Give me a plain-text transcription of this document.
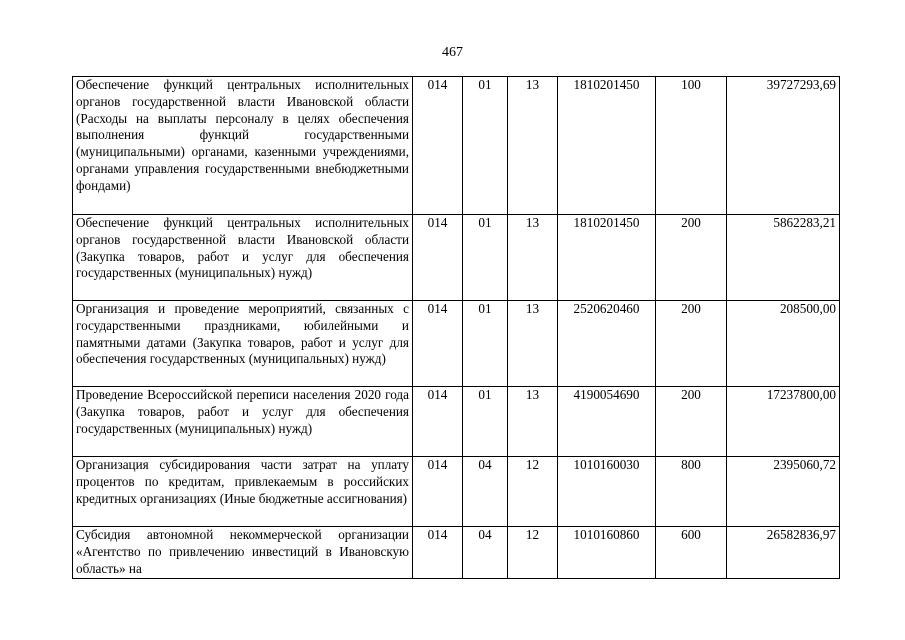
467
Обеспечение функций центральных исполнительных органов государственной власти Ивановской области (Расходы на выплаты персоналу в целях обеспечения выполнения функций государственными (муниципальными) органами, казенными учреждениями, органами управления государственными внебюджетными фондами)	014	01	13	1810201450	100	39727293,69
Обеспечение функций центральных исполнительных органов государственной власти Ивановской области (Закупка товаров, работ и услуг для обеспечения государственных (муниципальных) нужд)	014	01	13	1810201450	200	5862283,21
Организация и проведение мероприятий, связанных с государственными праздниками, юбилейными и памятными датами (Закупка товаров, работ и услуг для обеспечения государственных (муниципальных) нужд)	014	01	13	2520620460	200	208500,00
Проведение Всероссийской переписи населения 2020 года (Закупка товаров, работ и услуг для обеспечения государственных (муниципальных) нужд)	014	01	13	4190054690	200	17237800,00
Организация субсидирования части затрат на уплату процентов по кредитам, привлекаемым в российских кредитных организациях (Иные бюджетные ассигнования)	014	04	12	1010160030	800	2395060,72
Субсидия автономной некоммерческой организации «Агентство по привлечению инвестиций в Ивановскую область» на	014	04	12	1010160860	600	26582836,97
